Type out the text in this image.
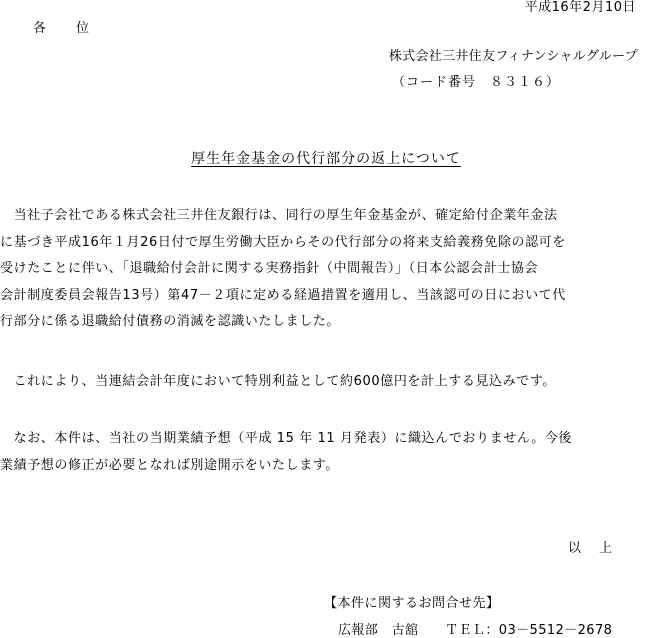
平成16年2月10日
各位
株式会社三井住友フィナンシャルグループ
（コード番号　８３１６）
厚生年金基金の代行部分の返上について
　当社子会社である株式会社三井住友銀行は、同行の厚生年金基金が、確定給付企業年金法
に基づき平成16年１月26日付で厚生労働大臣からその代行部分の将来支給義務免除の認可を
受けたことに伴い、「退職給付会計に関する実務指針（中間報告）」（日本公認会計士協会
会計制度委員会報告13号）第47－２項に定める経過措置を適用し、当該認可の日において代
行部分に係る退職給付債務の消滅を認識いたしました。
　これにより、当連結会計年度において特別利益として約600億円を計上する見込みです。
　なお、本件は、当社の当期業績予想（平成 15 年 11 月発表）に織込んでおりません。今後
業績予想の修正が必要となれば別途開示をいたします。
以上
【本件に関するお問合せ先】
広報部　古舘　　ＴＥＬ：03－5512－2678
